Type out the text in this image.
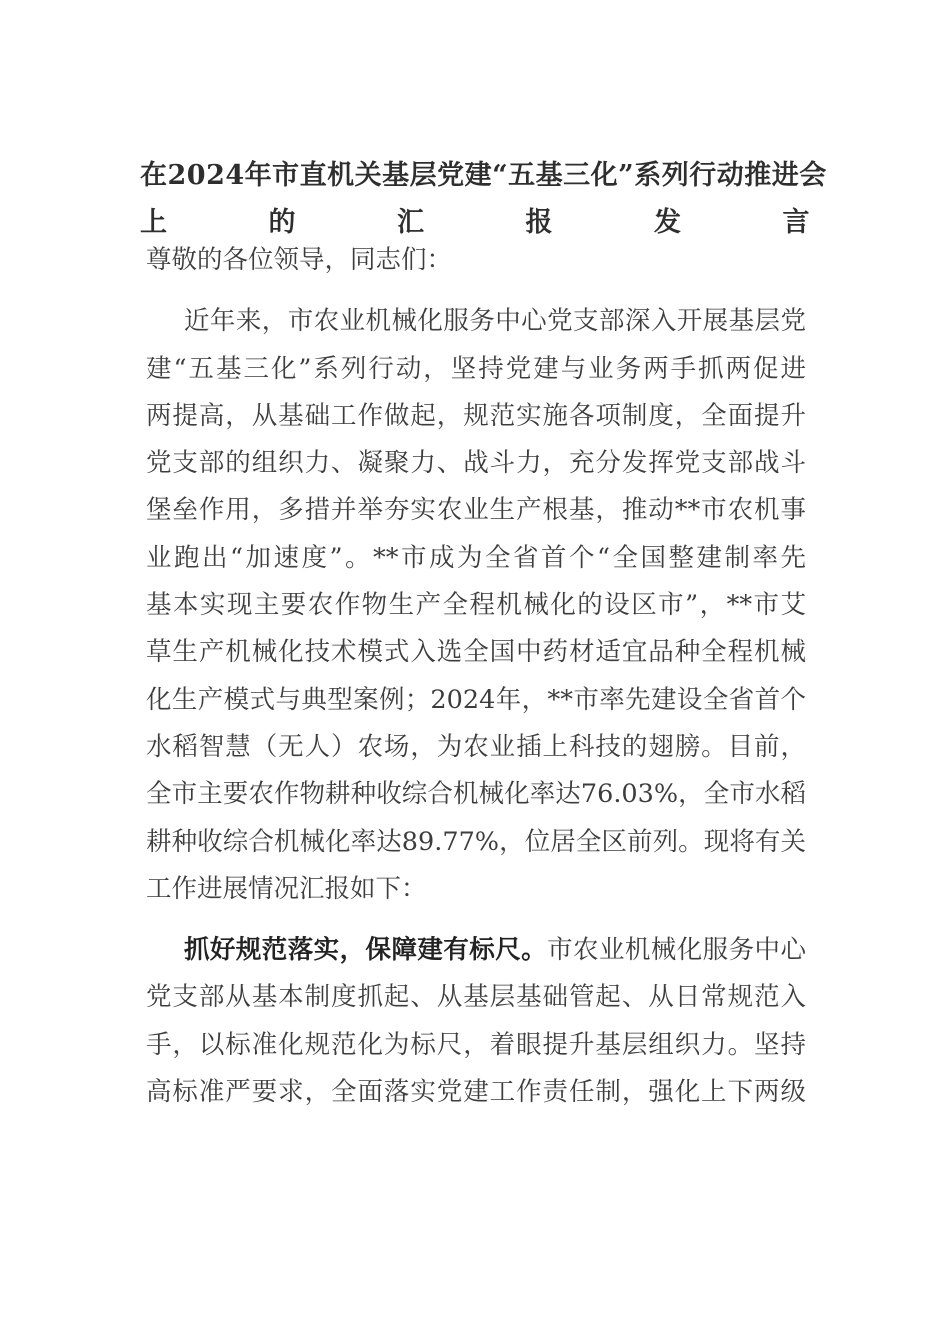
在2024年市直机关基层党建“五基三化”系列行动推进会
上的汇报发言

尊敬的各位领导，同志们：

近年来，市农业机械化服务中心党支部深入开展基层党
建“五基三化”系列行动，坚持党建与业务两手抓两促进
两提高，从基础工作做起，规范实施各项制度，全面提升
党支部的组织力、凝聚力、战斗力，充分发挥党支部战斗
堡垒作用，多措并举夯实农业生产根基，推动**市农机事
业跑出“加速度”。**市成为全省首个“全国整建制率先
基本实现主要农作物生产全程机械化的设区市”，**市艾
草生产机械化技术模式入选全国中药材适宜品种全程机械
化生产模式与典型案例；2024年，**市率先建设全省首个
水稻智慧（无人）农场，为农业插上科技的翅膀。目前，
全市主要农作物耕种收综合机械化率达76.03%，全市水稻
耕种收综合机械化率达89.77%，位居全区前列。现将有关
工作进展情况汇报如下：

抓好规范落实，保障建有标尺。市农业机械化服务中心
党支部从基本制度抓起、从基层基础管起、从日常规范入
手，以标准化规范化为标尺，着眼提升基层组织力。坚持
高标准严要求，全面落实党建工作责任制，强化上下两级
